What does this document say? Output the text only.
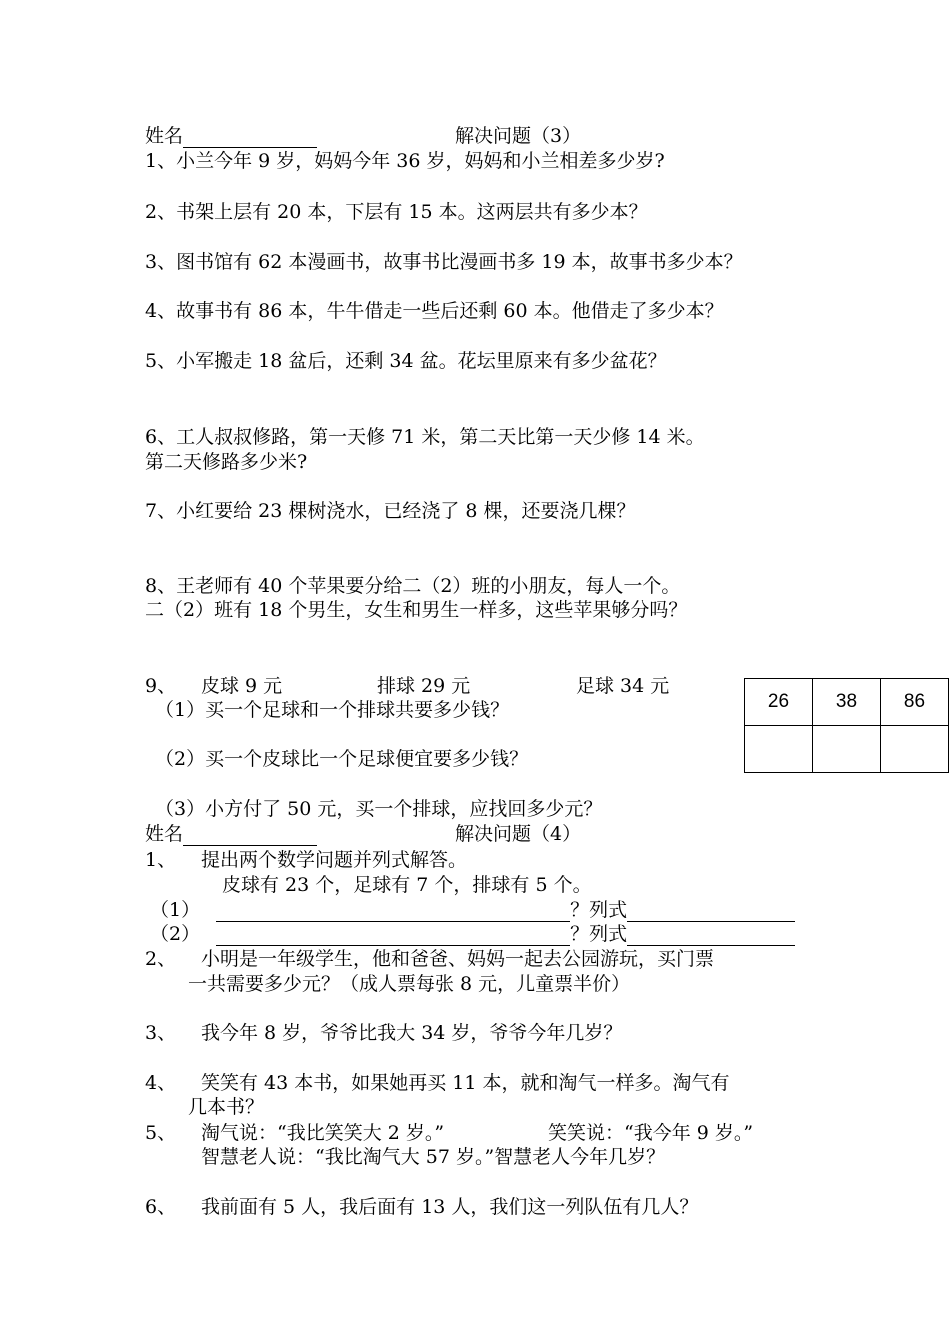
姓名	解决问题（3）
1、小兰今年 9 岁，妈妈今年 36 岁，妈妈和小兰相差多少岁?
2、书架上层有 20 本，下层有 15 本。这两层共有多少本？
3、图书馆有 62 本漫画书，故事书比漫画书多 19 本，故事书多少本？
4、故事书有 86 本，牛牛借走一些后还剩 60 本。他借走了多少本？
5、小军搬走 18 盆后，还剩 34 盆。花坛里原来有多少盆花？
6、工人叔叔修路，第一天修 71 米，第二天比第一天少修 14 米。
第二天修路多少米?
7、小红要给 23 棵树浇水，已经浇了 8 棵，还要浇几棵？
8、王老师有 40 个苹果要分给二（2）班的小朋友，每人一个。
二（2）班有 18 个男生，女生和男生一样多，这些苹果够分吗？
9、 皮球 9 元	排球 29 元	足球 34 元
（1）买一个足球和一个排球共要多少钱？
（2）买一个皮球比一个足球便宜要多少钱？
（3）小方付了 50 元，买一个排球，应找回多少元？
26	38	86

姓名	解决问题（4）
1、 提出两个数学问题并列式解答。
皮球有 23 个，足球有 7 个，排球有 5 个。
（1）	？列式
（2）	？列式
2、 小明是一年级学生，他和爸爸、妈妈一起去公园游玩，买门票
一共需要多少元？（成人票每张 8 元，儿童票半价）
3、 我今年 8 岁，爷爷比我大 34 岁，爷爷今年几岁？
4、 笑笑有 43 本书，如果她再买 11 本，就和淘气一样多。淘气有
几本书？
5、 淘气说：“我比笑笑大 2 岁。”	笑笑说：“我今年 9 岁。”
智慧老人说：“我比淘气大 57 岁。”智慧老人今年几岁？
6、 我前面有 5 人，我后面有 13 人，我们这一列队伍有几人？
